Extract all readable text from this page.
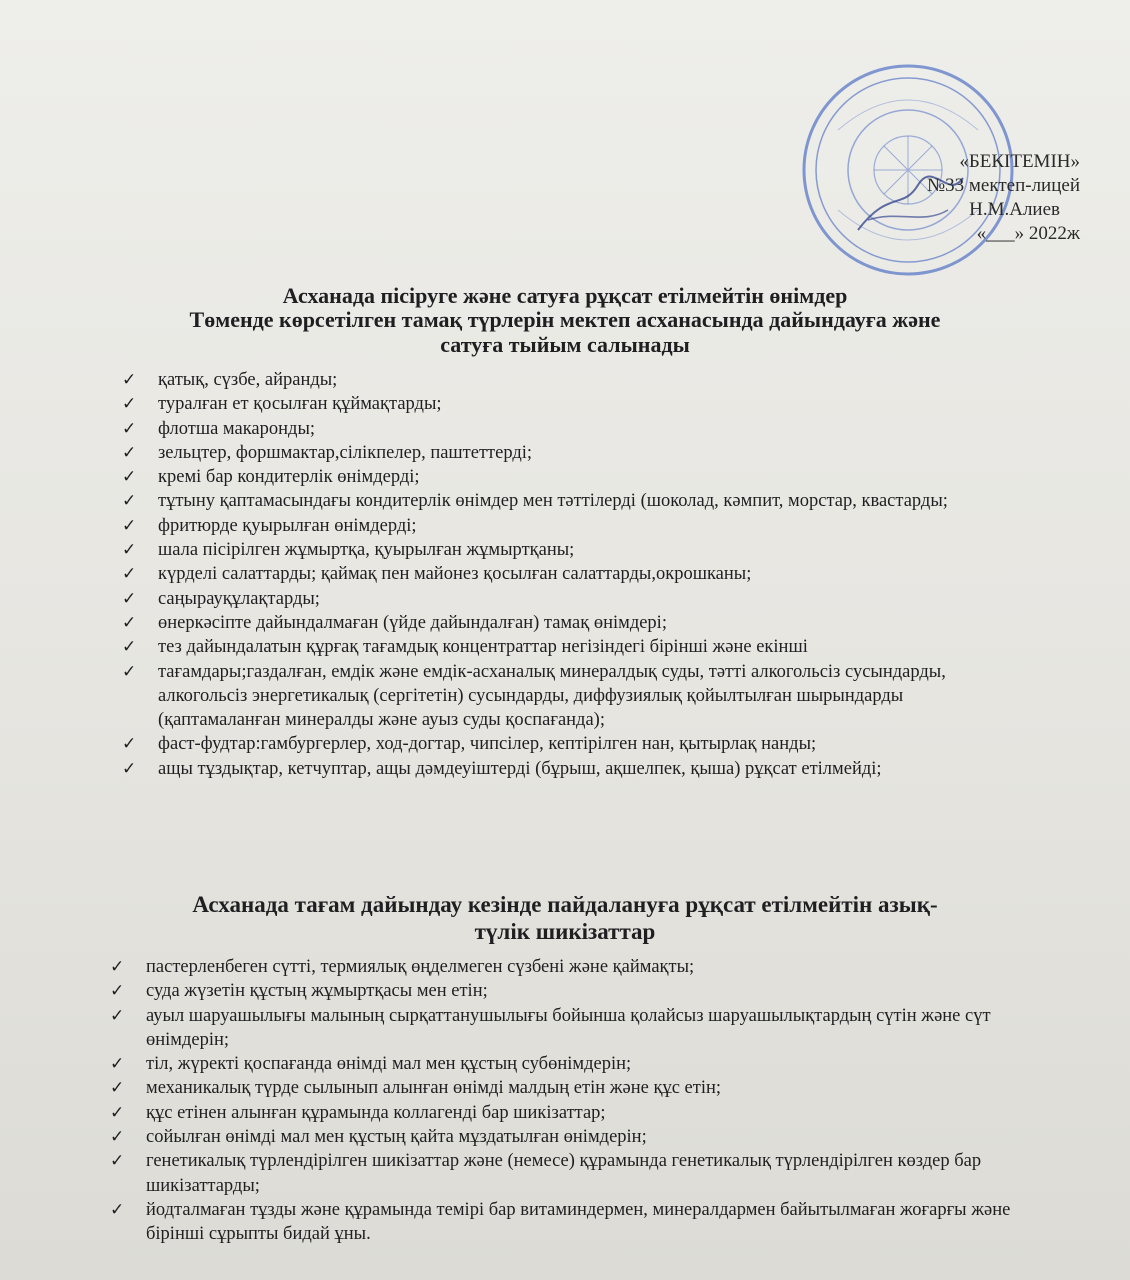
«БЕКІТЕМІН»
№33 мектеп-лицей
Н.М.Алиев
«___» 2022ж
Асханада пісіруге және сатуға рұқсат етілмейтін өнімдер
Төменде көрсетілген тамақ түрлерін мектеп асханасында дайындауға және
сатуға тыйым салынады
✓ қатық, сүзбе, айранды;
✓ туралған ет қосылған құймақтарды;
✓ флотша макаронды;
✓ зельцтер, форшмактар,сілікпелер, паштеттерді;
✓ кремі бар кондитерлік өнімдерді;
✓ тұтыну қаптамасындағы кондитерлік өнімдер мен тәттілерді (шоколад, кәмпит, морстар, квастарды;
✓ фритюрде қуырылған өнімдерді;
✓ шала пісірілген жұмыртқа, қуырылған жұмыртқаны;
✓ күрделі салаттарды; қаймақ пен майонез қосылған салаттарды,окрошканы;
✓ саңырауқұлақтарды;
✓ өнеркәсіпте дайындалмаған (үйде дайындалған) тамақ өнімдері;
✓ тез дайындалатын құрғақ тағамдық концентраттар негізіндегі бірінші және екінші
✓ тағамдары;газдалған, емдік және емдік-асханалық минералдық суды, тәтті алкогольсіз сусындарды, алкогольсіз энергетикалық (сергітетін) сусындарды, диффузиялық қойылтылған шырындарды (қаптамаланған минералды және ауыз суды қоспағанда);
✓ фаст-фудтар:гамбургерлер, ход-догтар, чипсілер, кептірілген нан, қытырлақ нанды;
✓ ащы тұздықтар, кетчуптар, ащы дәмдеуіштерді (бұрыш, ақшелпек, қыша) рұқсат етілмейді;
Асханада тағам дайындау кезінде пайдалануға рұқсат етілмейтін азық-
түлік шикізаттар
✓ пастерленбеген сүтті, термиялық өңделмеген сүзбені және қаймақты;
✓ суда жүзетін құстың жұмыртқасы мен етін;
✓ ауыл шаруашылығы малының сырқаттанушылығы бойынша қолайсыз шаруашылықтардың сүтін және сүт өнімдерін;
✓ тіл, жүректі қоспағанда өнімді мал мен құстың субөнімдерін;
✓ механикалық түрде сылынып алынған өнімді малдың етін және құс етін;
✓ құс етінен алынған құрамында коллагенді бар шикізаттар;
✓ сойылған өнімді мал мен құстың қайта мұздатылған өнімдерін;
✓ генетикалық түрлендірілген шикізаттар және (немесе) құрамында генетикалық түрлендірілген көздер бар шикізаттарды;
✓ йодталмаған тұзды және құрамында темірі бар витаминдермен, минералдармен байытылмаған жоғарғы және бірінші сұрыпты бидай ұны.
